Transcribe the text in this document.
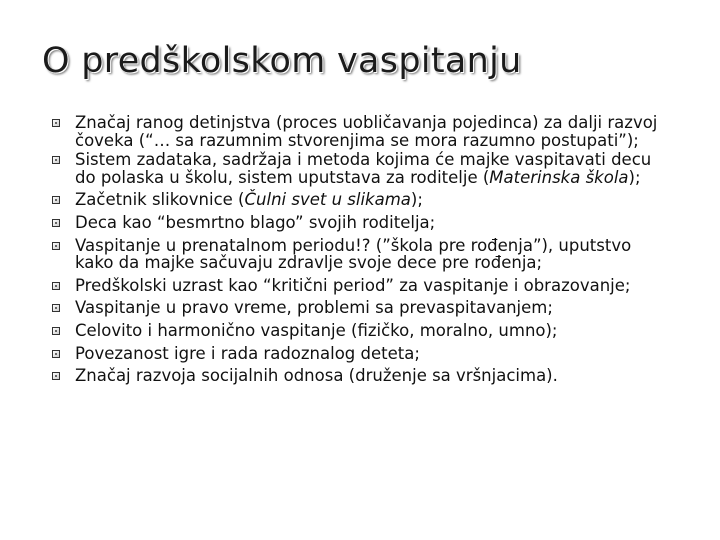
O predškolskom vaspitanju
Značaj ranog detinjstva (proces uobličavanja pojedinca) za dalji razvoj čoveka (“… sa razumnim stvorenjima se mora razumno postupati”);
Sistem zadataka, sadržaja i metoda kojima će majke vaspitavati decu do polaska u školu, sistem uputstava za roditelje (Materinska škola);
Začetnik slikovnice (Čulni svet u slikama);
Deca kao “besmrtno blago” svojih roditelja;
Vaspitanje u prenatalnom periodu!? (”škola pre rođenja”), uputstvo kako da majke sačuvaju zdravlje svoje dece pre rođenja;
Predškolski uzrast kao “kritični period” za vaspitanje i obrazovanje;
Vaspitanje u pravo vreme, problemi sa prevaspitavanjem;
Celovito i harmonično vaspitanje (fizičko, moralno, umno);
Povezanost igre i rada radoznalog deteta;
Značaj razvoja socijalnih odnosa (druženje sa vršnjacima).
